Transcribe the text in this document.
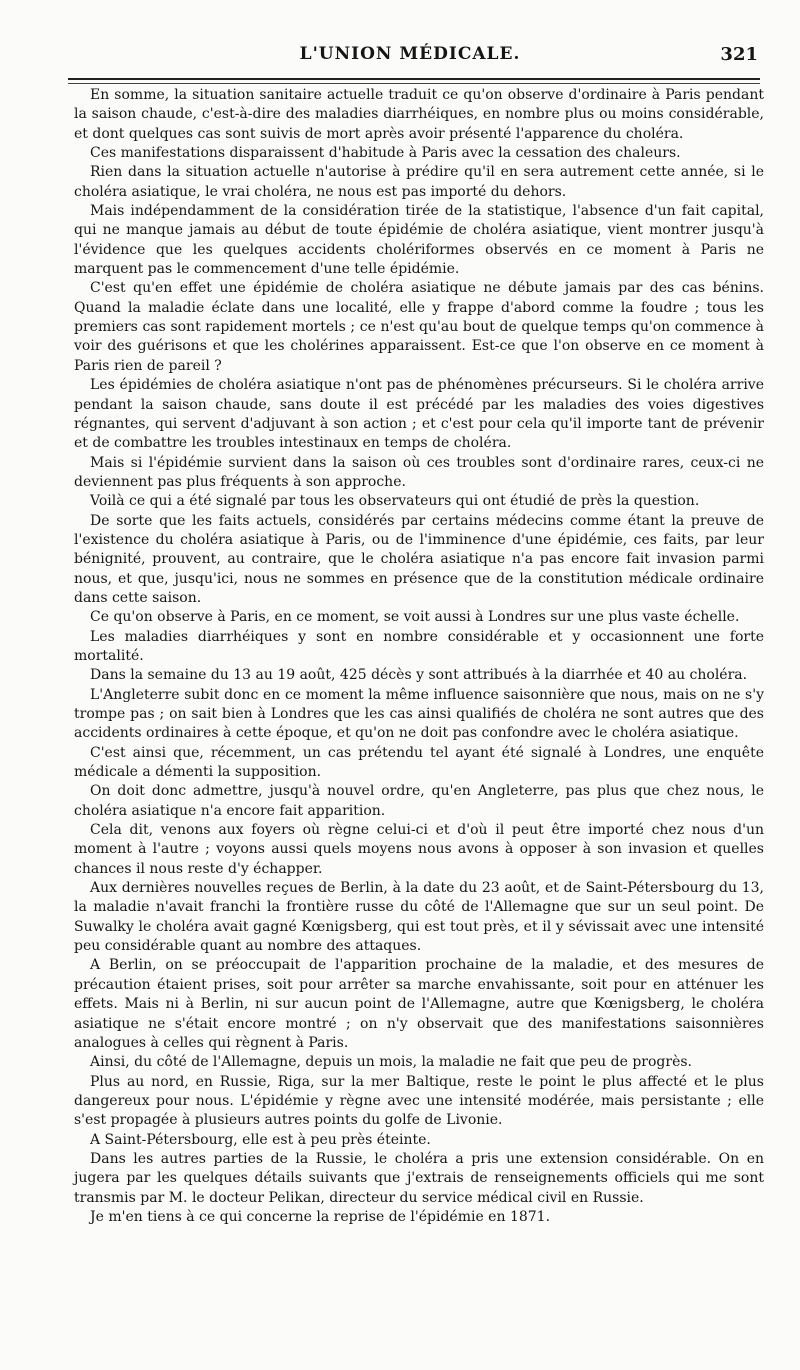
L'UNION MÉDICALE.	321

En somme, la situation sanitaire actuelle traduit ce qu'on observe d'ordinaire à Paris pendant la saison chaude, c'est-à-dire des maladies diarrhéiques, en nombre plus ou moins considérable, et dont quelques cas sont suivis de mort après avoir présenté l'apparence du choléra.

Ces manifestations disparaissent d'habitude à Paris avec la cessation des chaleurs.

Rien dans la situation actuelle n'autorise à prédire qu'il en sera autrement cette année, si le choléra asiatique, le vrai choléra, ne nous est pas importé du dehors.

Mais indépendamment de la considération tirée de la statistique, l'absence d'un fait capital, qui ne manque jamais au début de toute épidémie de choléra asiatique, vient montrer jusqu'à l'évidence que les quelques accidents cholériformes observés en ce moment à Paris ne marquent pas le commencement d'une telle épidémie.

C'est qu'en effet une épidémie de choléra asiatique ne débute jamais par des cas bénins. Quand la maladie éclate dans une localité, elle y frappe d'abord comme la foudre ; tous les premiers cas sont rapidement mortels ; ce n'est qu'au bout de quelque temps qu'on commence à voir des guérisons et que les cholérines apparaissent. Est-ce que l'on observe en ce moment à Paris rien de pareil ?

Les épidémies de choléra asiatique n'ont pas de phénomènes précurseurs. Si le choléra arrive pendant la saison chaude, sans doute il est précédé par les maladies des voies digestives régnantes, qui servent d'adjuvant à son action ; et c'est pour cela qu'il importe tant de prévenir et de combattre les troubles intestinaux en temps de choléra.

Mais si l'épidémie survient dans la saison où ces troubles sont d'ordinaire rares, ceux-ci ne deviennent pas plus fréquents à son approche.

Voilà ce qui a été signalé par tous les observateurs qui ont étudié de près la question.

De sorte que les faits actuels, considérés par certains médecins comme étant la preuve de l'existence du choléra asiatique à Paris, ou de l'imminence d'une épidémie, ces faits, par leur bénignité, prouvent, au contraire, que le choléra asiatique n'a pas encore fait invasion parmi nous, et que, jusqu'ici, nous ne sommes en présence que de la constitution médicale ordinaire dans cette saison.

Ce qu'on observe à Paris, en ce moment, se voit aussi à Londres sur une plus vaste échelle.

Les maladies diarrhéiques y sont en nombre considérable et y occasionnent une forte mortalité.

Dans la semaine du 13 au 19 août, 425 décès y sont attribués à la diarrhée et 40 au choléra.

L'Angleterre subit donc en ce moment la même influence saisonnière que nous, mais on ne s'y trompe pas ; on sait bien à Londres que les cas ainsi qualifiés de choléra ne sont autres que des accidents ordinaires à cette époque, et qu'on ne doit pas confondre avec le choléra asiatique.

C'est ainsi que, récemment, un cas prétendu tel ayant été signalé à Londres, une enquête médicale a démenti la supposition.

On doit donc admettre, jusqu'à nouvel ordre, qu'en Angleterre, pas plus que chez nous, le choléra asiatique n'a encore fait apparition.

Cela dit, venons aux foyers où règne celui-ci et d'où il peut être importé chez nous d'un moment à l'autre ; voyons aussi quels moyens nous avons à opposer à son invasion et quelles chances il nous reste d'y échapper.

Aux dernières nouvelles reçues de Berlin, à la date du 23 août, et de Saint-Pétersbourg du 13, la maladie n'avait franchi la frontière russe du côté de l'Allemagne que sur un seul point. De Suwalky le choléra avait gagné Kœnigsberg, qui est tout près, et il y sévissait avec une intensité peu considérable quant au nombre des attaques.

A Berlin, on se préoccupait de l'apparition prochaine de la maladie, et des mesures de précaution étaient prises, soit pour arrêter sa marche envahissante, soit pour en atténuer les effets. Mais ni à Berlin, ni sur aucun point de l'Allemagne, autre que Kœnigsberg, le choléra asiatique ne s'était encore montré ; on n'y observait que des manifestations saisonnières analogues à celles qui règnent à Paris.

Ainsi, du côté de l'Allemagne, depuis un mois, la maladie ne fait que peu de progrès.

Plus au nord, en Russie, Riga, sur la mer Baltique, reste le point le plus affecté et le plus dangereux pour nous. L'épidémie y règne avec une intensité modérée, mais persistante ; elle s'est propagée à plusieurs autres points du golfe de Livonie.

A Saint-Pétersbourg, elle est à peu près éteinte.

Dans les autres parties de la Russie, le choléra a pris une extension considérable. On en jugera par les quelques détails suivants que j'extrais de renseignements officiels qui me sont transmis par M. le docteur Pelikan, directeur du service médical civil en Russie.

Je m'en tiens à ce qui concerne la reprise de l'épidémie en 1871.
